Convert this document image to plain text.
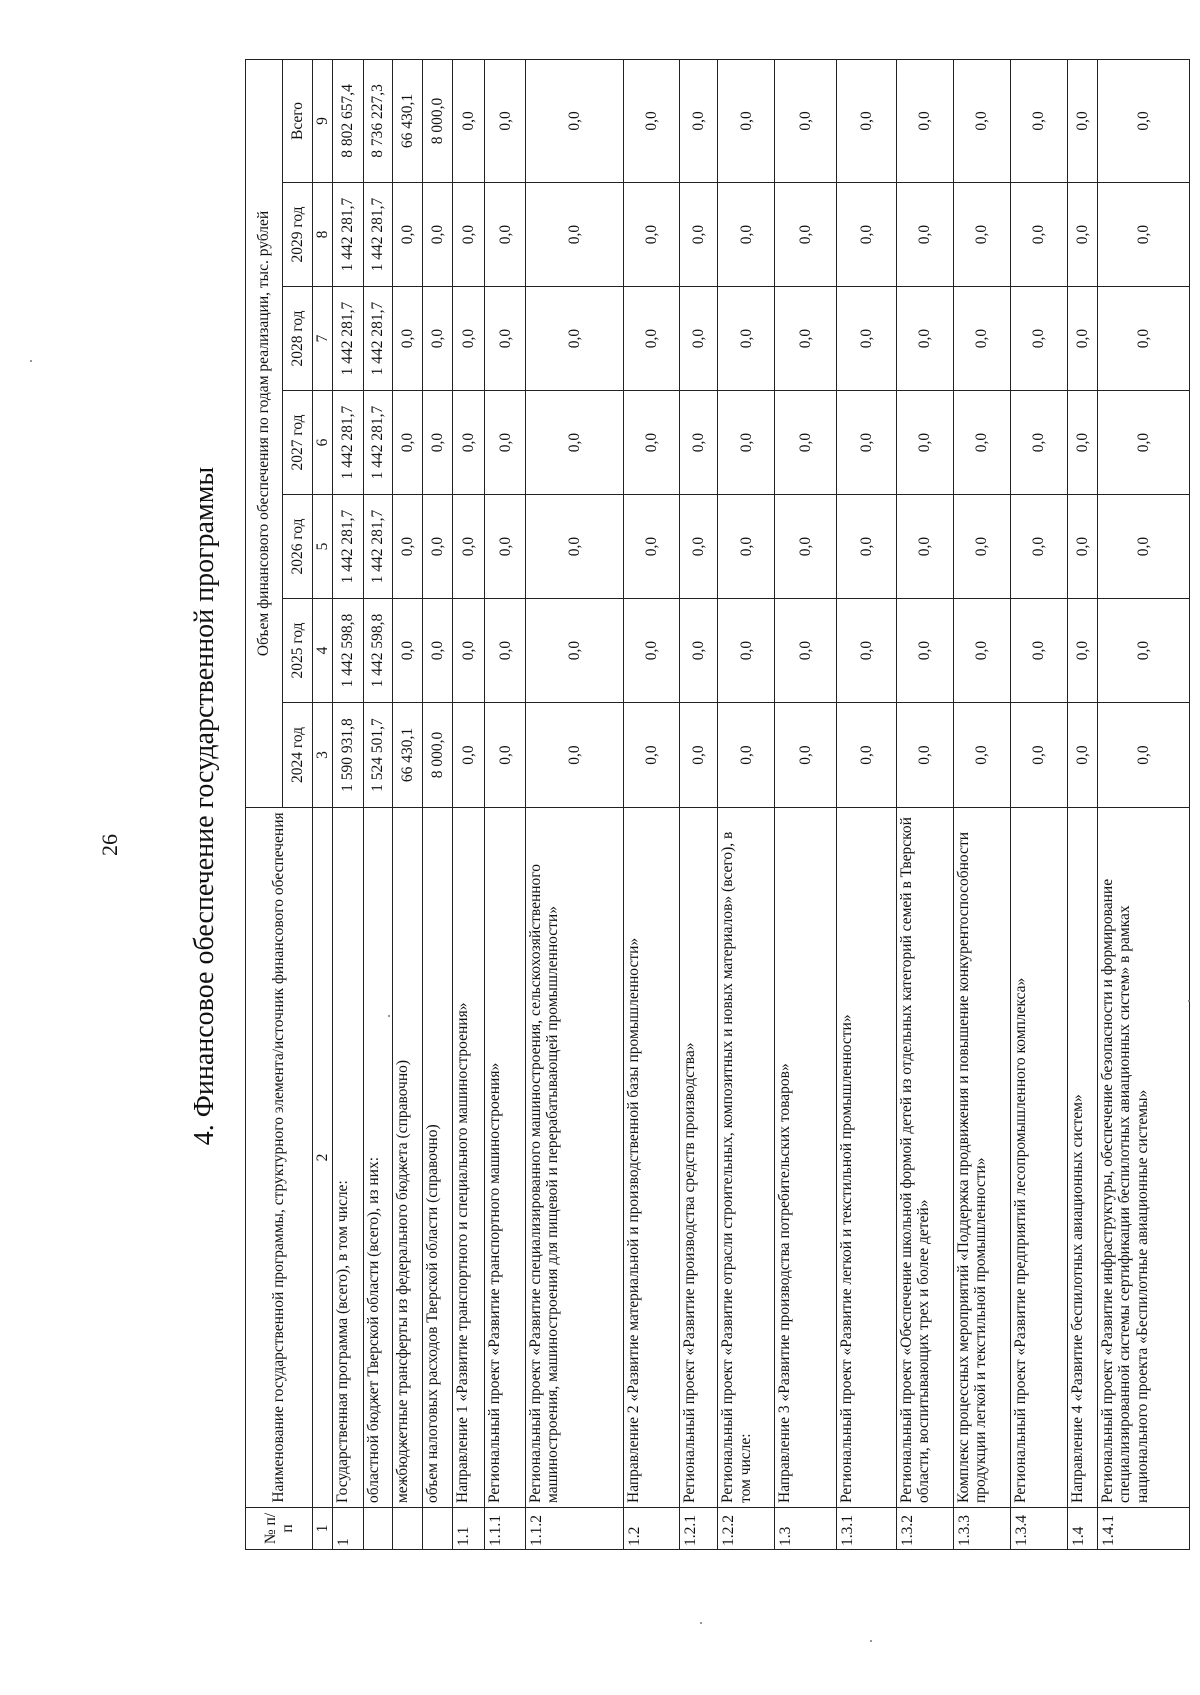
26 4. Финансовое обеспечение государственной программы
№ п/п	Наименование государственной программы, структурного элемента/источник финансового обеспечения	Объем финансового обеспечения по годам реализации, тыс. рублей						
		2024 год	2025 год	2026 год	2027 год	2028 год	2029 год	Всего
1	2	3	4	5	6	7	8	9
1	Государственная программа (всего), в том числе:	1 590 931,8	1 442 598,8	1 442 281,7	1 442 281,7	1 442 281,7	1 442 281,7	8 802 657,4
	областной бюджет Тверской области (всего), из них:	1 524 501,7	1 442 598,8	1 442 281,7	1 442 281,7	1 442 281,7	1 442 281,7	8 736 227,3
	межбюджетные трансферты из федерального бюджета (справочно)	66 430,1	0,0	0,0	0,0	0,0	0,0	66 430,1
	объем налоговых расходов Тверской области (справочно)	8 000,0	0,0	0,0	0,0	0,0	0,0	8 000,0
1.1	Направление 1 «Развитие транспортного и специального машиностроения»	0,0	0,0	0,0	0,0	0,0	0,0	0,0
1.1.1	Региональный проект «Развитие транспортного машиностроения»	0,0	0,0	0,0	0,0	0,0	0,0	0,0
1.1.2	Региональный проект «Развитие специализированного машиностроения, сельскохозяйственного машиностроения, машиностроения для пищевой и перерабатывающей промышленности»	0,0	0,0	0,0	0,0	0,0	0,0	0,0
1.2	Направление 2 «Развитие материальной и производственной базы промышленности»	0,0	0,0	0,0	0,0	0,0	0,0	0,0
1.2.1	Региональный проект «Развитие производства средств производства»	0,0	0,0	0,0	0,0	0,0	0,0	0,0
1.2.2	Региональный проект «Развитие отрасли строительных, композитных и новых материалов» (всего), в том числе:	0,0	0,0	0,0	0,0	0,0	0,0	0,0
1.3	Направление 3 «Развитие производства потребительских товаров»	0,0	0,0	0,0	0,0	0,0	0,0	0,0
1.3.1	Региональный проект «Развитие легкой и текстильной промышленности»	0,0	0,0	0,0	0,0	0,0	0,0	0,0
1.3.2	Региональный проект «Обеспечение школьной формой детей из отдельных категорий семей в Тверской области, воспитывающих трех и более детей»	0,0	0,0	0,0	0,0	0,0	0,0	0,0
1.3.3	Комплекс процессных мероприятий «Поддержка продвижения и повышение конкурентоспособности продукции легкой и текстильной промышленности»	0,0	0,0	0,0	0,0	0,0	0,0	0,0
1.3.4	Региональный проект «Развитие предприятий лесопромышленного комплекса»	0,0	0,0	0,0	0,0	0,0	0,0	0,0
1.4	Направление 4 «Развитие беспилотных авиационных систем»	0,0	0,0	0,0	0,0	0,0	0,0	0,0
1.4.1	Региональный проект «Развитие инфраструктуры, обеспечение безопасности и формирование специализированной системы сертификации беспилотных авиационных систем» в рамках национального проекта «Беспилотные авиационные системы»	0,0	0,0	0,0	0,0	0,0	0,0	0,0
